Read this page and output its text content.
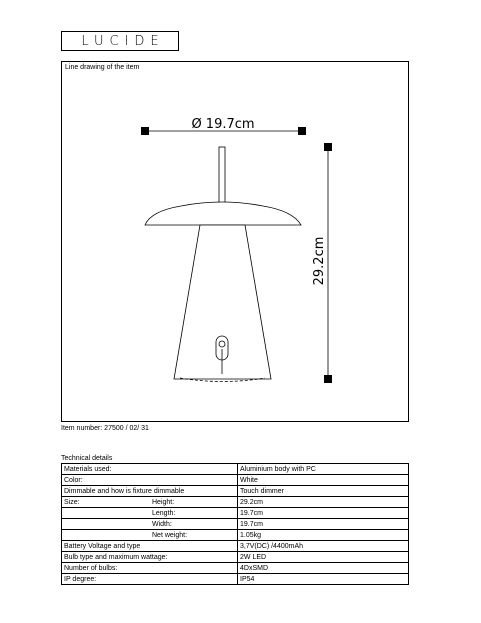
LUCIDE
Line drawing of the item
Ø 19.7cm
29.2cm
Item number: 27500 / 02/ 31
Technical details
Materials used:	Aluminium body with PC
Color:	White
Dimmable and how is fixture dimmable	Touch dimmer
Size: Height:	29.2cm
Length:	19.7cm
Width:	19.7cm
Net weight:	1.05kg
Battery Voltage and type	3,7V(DC) /4400mAh
Bulb type and maximum wattage:	2W LED
Number of bulbs:	4DxSMD
IP degree:	IP54
